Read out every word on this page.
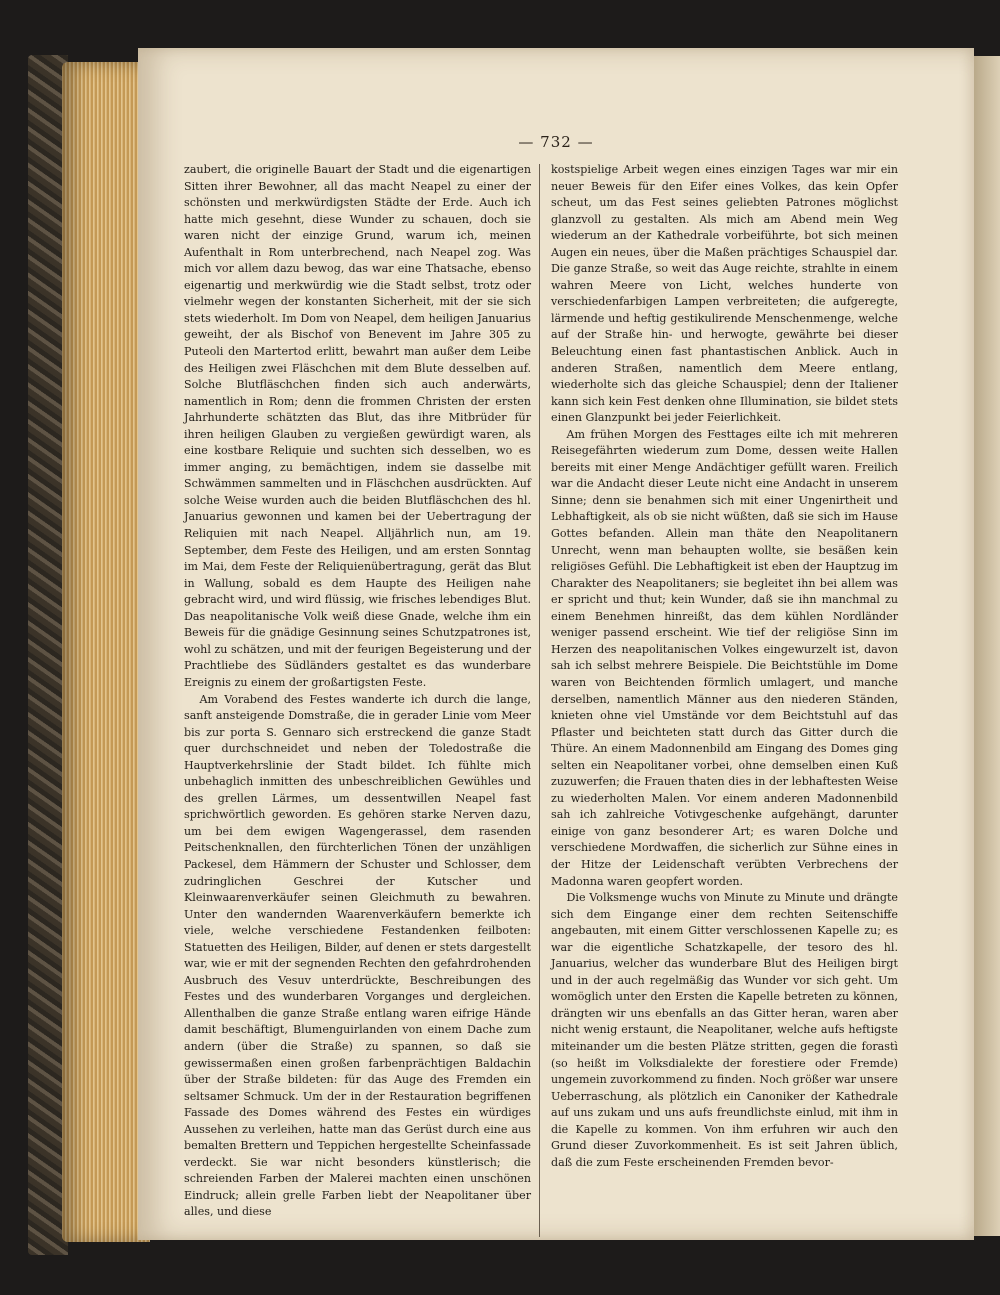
— 732 —

zaubert, die originelle Bauart der Stadt und die eigenartigen Sitten ihrer Bewohner, all das macht Neapel zu einer der schönsten und merkwürdigsten Städte der Erde. Auch ich hatte mich gesehnt, diese Wunder zu schauen, doch sie waren nicht der einzige Grund, warum ich, meinen Aufenthalt in Rom unterbrechend, nach Neapel zog. Was mich vor allem dazu bewog, das war eine Thatsache, ebenso eigenartig und merkwürdig wie die Stadt selbst, trotz oder vielmehr wegen der konstanten Sicherheit, mit der sie sich stets wiederholt. Im Dom von Neapel, dem heiligen Januarius geweiht, der als Bischof von Benevent im Jahre 305 zu Puteoli den Martertod erlitt, bewahrt man außer dem Leibe des Heiligen zwei Fläschchen mit dem Blute desselben auf. Solche Blutfläschchen finden sich auch anderwärts, namentlich in Rom; denn die frommen Christen der ersten Jahrhunderte schätzten das Blut, das ihre Mitbrüder für ihren heiligen Glauben zu vergießen gewürdigt waren, als eine kostbare Reliquie und suchten sich desselben, wo es immer anging, zu bemächtigen, indem sie dasselbe mit Schwämmen sammelten und in Fläschchen ausdrückten. Auf solche Weise wurden auch die beiden Blutfläschchen des hl. Januarius gewonnen und kamen bei der Uebertragung der Reliquien mit nach Neapel. Alljährlich nun, am 19. September, dem Feste des Heiligen, und am ersten Sonntag im Mai, dem Feste der Reliquienübertragung, gerät das Blut in Wallung, sobald es dem Haupte des Heiligen nahe gebracht wird, und wird flüssig, wie frisches lebendiges Blut. Das neapolitanische Volk weiß diese Gnade, welche ihm ein Beweis für die gnädige Gesinnung seines Schutzpatrones ist, wohl zu schätzen, und mit der feurigen Begeisterung und der Prachtliebe des Südländers gestaltet es das wunderbare Ereignis zu einem der großartigsten Feste.

Am Vorabend des Festes wanderte ich durch die lange, sanft ansteigende Domstraße, die in gerader Linie vom Meer bis zur porta S. Gennaro sich erstreckend die ganze Stadt quer durchschneidet und neben der Toledostraße die Hauptverkehrslinie der Stadt bildet. Ich fühlte mich unbehaglich inmitten des unbeschreiblichen Gewühles und des grellen Lärmes, um dessentwillen Neapel fast sprichwörtlich geworden. Es gehören starke Nerven dazu, um bei dem ewigen Wagengerassel, dem rasenden Peitschenknallen, den fürchterlichen Tönen der unzähligen Packesel, dem Hämmern der Schuster und Schlosser, dem zudringlichen Geschrei der Kutscher und Kleinwaarenverkäufer seinen Gleichmuth zu bewahren. Unter den wandernden Waarenverkäufern bemerkte ich viele, welche verschiedene Festandenken feilboten: Statuetten des Heiligen, Bilder, auf denen er stets dargestellt war, wie er mit der segnenden Rechten den gefahrdrohenden Ausbruch des Vesuv unterdrückte, Beschreibungen des Festes und des wunderbaren Vorganges und dergleichen. Allenthalben die ganze Straße entlang waren eifrige Hände damit beschäftigt, Blumenguirlanden von einem Dache zum andern (über die Straße) zu spannen, so daß sie gewissermaßen einen großen farbenprächtigen Baldachin über der Straße bildeten: für das Auge des Fremden ein seltsamer Schmuck. Um der in der Restauration begriffenen Fassade des Domes während des Festes ein würdiges Aussehen zu verleihen, hatte man das Gerüst durch eine aus bemalten Brettern und Teppichen hergestellte Scheinfassade verdeckt. Sie war nicht besonders künstlerisch; die schreienden Farben der Malerei machten einen unschönen Eindruck; allein grelle Farben liebt der Neapolitaner über alles, und diese

kostspielige Arbeit wegen eines einzigen Tages war mir ein neuer Beweis für den Eifer eines Volkes, das kein Opfer scheut, um das Fest seines geliebten Patrones möglichst glanzvoll zu gestalten. Als mich am Abend mein Weg wiederum an der Kathedrale vorbeiführte, bot sich meinen Augen ein neues, über die Maßen prächtiges Schauspiel dar. Die ganze Straße, so weit das Auge reichte, strahlte in einem wahren Meere von Licht, welches hunderte von verschiedenfarbigen Lampen verbreiteten; die aufgeregte, lärmende und heftig gestikulirende Menschenmenge, welche auf der Straße hin- und herwogte, gewährte bei dieser Beleuchtung einen fast phantastischen Anblick. Auch in anderen Straßen, namentlich dem Meere entlang, wiederholte sich das gleiche Schauspiel; denn der Italiener kann sich kein Fest denken ohne Illumination, sie bildet stets einen Glanzpunkt bei jeder Feierlichkeit.

Am frühen Morgen des Festtages eilte ich mit mehreren Reisegefährten wiederum zum Dome, dessen weite Hallen bereits mit einer Menge Andächtiger gefüllt waren. Freilich war die Andacht dieser Leute nicht eine Andacht in unserem Sinne; denn sie benahmen sich mit einer Ungenirtheit und Lebhaftigkeit, als ob sie nicht wüßten, daß sie sich im Hause Gottes befanden. Allein man thäte den Neapolitanern Unrecht, wenn man behaupten wollte, sie besäßen kein religiöses Gefühl. Die Lebhaftigkeit ist eben der Hauptzug im Charakter des Neapolitaners; sie begleitet ihn bei allem was er spricht und thut; kein Wunder, daß sie ihn manchmal zu einem Benehmen hinreißt, das dem kühlen Nordländer weniger passend erscheint. Wie tief der religiöse Sinn im Herzen des neapolitanischen Volkes eingewurzelt ist, davon sah ich selbst mehrere Beispiele. Die Beichtstühle im Dome waren von Beichtenden förmlich umlagert, und manche derselben, namentlich Männer aus den niederen Ständen, knieten ohne viel Umstände vor dem Beichtstuhl auf das Pflaster und beichteten statt durch das Gitter durch die Thüre. An einem Madonnenbild am Eingang des Domes ging selten ein Neapolitaner vorbei, ohne demselben einen Kuß zuzuwerfen; die Frauen thaten dies in der lebhaftesten Weise zu wiederholten Malen. Vor einem anderen Madonnenbild sah ich zahlreiche Votivgeschenke aufgehängt, darunter einige von ganz besonderer Art; es waren Dolche und verschiedene Mordwaffen, die sicherlich zur Sühne eines in der Hitze der Leidenschaft verübten Verbrechens der Madonna waren geopfert worden.

Die Volksmenge wuchs von Minute zu Minute und drängte sich dem Eingange einer dem rechten Seitenschiffe angebauten, mit einem Gitter verschlossenen Kapelle zu; es war die eigentliche Schatzkapelle, der tesoro des hl. Januarius, welcher das wunderbare Blut des Heiligen birgt und in der auch regelmäßig das Wunder vor sich geht. Um womöglich unter den Ersten die Kapelle betreten zu können, drängten wir uns ebenfalls an das Gitter heran, waren aber nicht wenig erstaunt, die Neapolitaner, welche aufs heftigste miteinander um die besten Plätze stritten, gegen die forastì (so heißt im Volksdialekte der forestiere oder Fremde) ungemein zuvorkommend zu finden. Noch größer war unsere Ueberraschung, als plötzlich ein Canoniker der Kathedrale auf uns zukam und uns aufs freundlichste einlud, mit ihm in die Kapelle zu kommen. Von ihm erfuhren wir auch den Grund dieser Zuvorkommenheit. Es ist seit Jahren üblich, daß die zum Feste erscheinenden Fremden bevor-
